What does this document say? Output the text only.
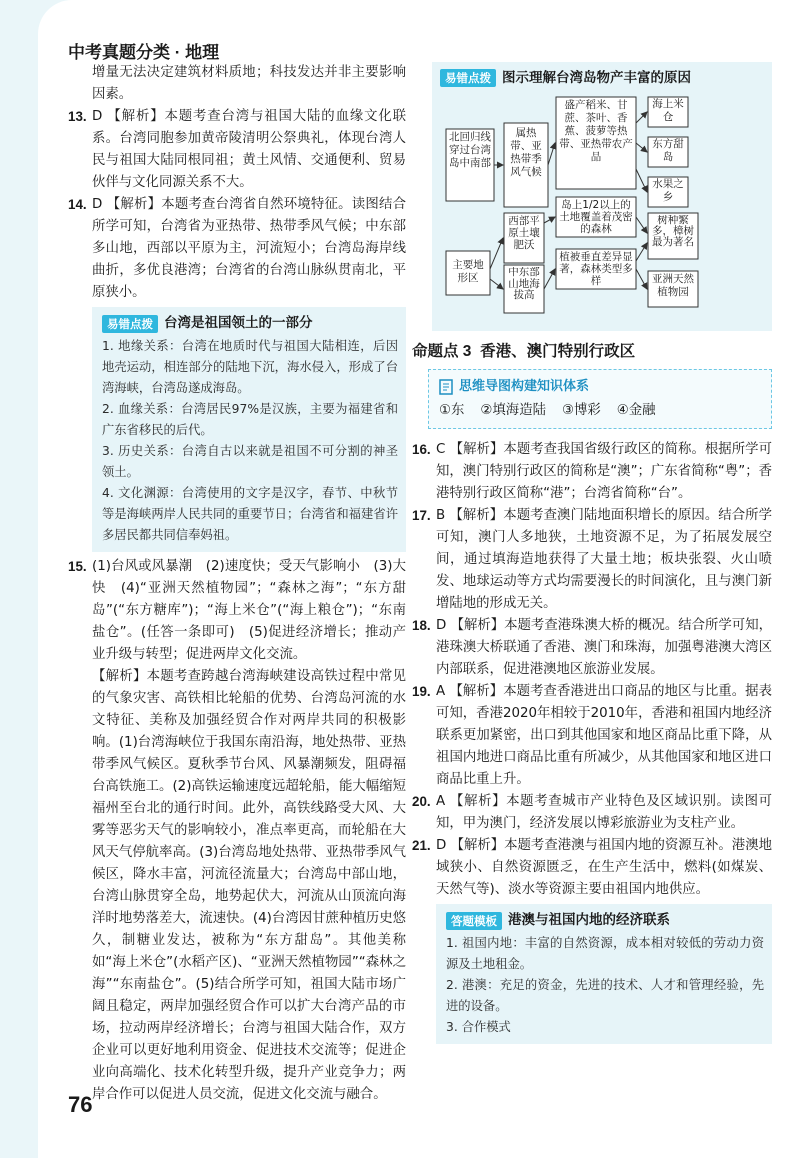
中考真题分类 · 地理

增量无法决定建筑材料质地；科技发达并非主要影响因素。

13. D 【解析】本题考查台湾与祖国大陆的血缘文化联系。台湾同胞参加黄帝陵清明公祭典礼，体现台湾人民与祖国大陆同根同祖；黄土风情、交通便利、贸易伙伴与文化同源关系不大。
14. D 【解析】本题考查台湾省自然环境特征。读图结合所学可知，台湾省为亚热带、热带季风气候；中东部多山地，西部以平原为主，河流短小；台湾岛海岸线曲折，多优良港湾；台湾省的台湾山脉纵贯南北，平原狭小。
易错点拨 台湾是祖国领土的一部分

1. 地缘关系：台湾在地质时代与祖国大陆相连，后因地壳运动，相连部分的陆地下沉，海水侵入，形成了台湾海峡，台湾岛遂成海岛。

2. 血缘关系：台湾居民97%是汉族，主要为福建省和广东省移民的后代。

3. 历史关系：台湾自古以来就是祖国不可分割的神圣领土。

4. 文化渊源：台湾使用的文字是汉字，春节、中秋节等是海峡两岸人民共同的重要节日；台湾省和福建省许多居民都共同信奉妈祖。

15. (1)台风或风暴潮　(2)速度快；受天气影响小　(3)大　快　(4)“亚洲天然植物园”；“森林之海”；“东方甜岛”(“东方糖库”)；“海上米仓”(“海上粮仓”)；“东南盐仓”。(任答一条即可)　(5)促进经济增长；推动产业升级与转型；促进两岸文化交流。

【解析】本题考查跨越台湾海峡建设高铁过程中常见的气象灾害、高铁相比轮船的优势、台湾岛河流的水文特征、美称及加强经贸合作对两岸共同的积极影响。(1)台湾海峡位于我国东南沿海，地处热带、亚热带季风气候区。夏秋季节台风、风暴潮频发，阻碍福台高铁施工。(2)高铁运输速度远超轮船，能大幅缩短福州至台北的通行时间。此外，高铁线路受大风、大雾等恶劣天气的影响较小，准点率更高，而轮船在大风天气停航率高。(3)台湾岛地处热带、亚热带季风气候区，降水丰富，河流径流量大；台湾岛中部山地，台湾山脉贯穿全岛，地势起伏大，河流从山顶流向海洋时地势落差大，流速快。(4)台湾因甘蔗种植历史悠久，制糖业发达，被称为“东方甜岛”。其他美称如“海上米仓”(水稻产区)、“亚洲天然植物园”“森林之海”“东南盐仓”。(5)结合所学可知，祖国大陆市场广阔且稳定，两岸加强经贸合作可以扩大台湾产品的市场，拉动两岸经济增长；台湾与祖国大陆合作，双方企业可以更好地利用资金、促进技术交流等；促进企业向高端化、技术化转型升级，提升产业竞争力；两岸合作可以促进人员交流，促进文化交流与融合。

易错点拨 图示理解台湾岛物产丰富的原因
北回归线穿过台湾岛中南部
属热带、亚热带季风气候
盛产稻米、甘蔗、茶叶、香蕉、菠萝等热带、亚热带农产品
海上米仓
东方甜岛
水果之乡
主要地形区
西部平原土壤肥沃
中东部山地海拔高
岛上1/2以上的土地覆盖着茂密的森林
植被垂直差异显著，森林类型多样
树种繁多，樟树最为著名
亚洲天然植物园
命题点 3 香港、澳门特别行政区
思维导图构建知识体系
①东 ②填海造陆 ③博彩 ④金融
16. C 【解析】本题考查我国省级行政区的简称。根据所学可知，澳门特别行政区的简称是“澳”；广东省简称“粤”；香港特别行政区简称“港”；台湾省简称“台”。
17. B 【解析】本题考查澳门陆地面积增长的原因。结合所学可知，澳门人多地狭，土地资源不足，为了拓展发展空间，通过填海造地获得了大量土地；板块张裂、火山喷发、地球运动等方式均需要漫长的时间演化，且与澳门新增陆地的形成无关。
18. D 【解析】本题考查港珠澳大桥的概况。结合所学可知，港珠澳大桥联通了香港、澳门和珠海，加强粤港澳大湾区内部联系，促进港澳地区旅游业发展。
19. A 【解析】本题考查香港进出口商品的地区与比重。据表可知，香港2020年相较于2010年，香港和祖国内地经济联系更加紧密，出口到其他国家和地区商品比重下降，从祖国内地进口商品比重有所减少，从其他国家和地区进口商品比重上升。
20. A 【解析】本题考查城市产业特色及区域识别。读图可知，甲为澳门，经济发展以博彩旅游业为支柱产业。
21. D 【解析】本题考查港澳与祖国内地的资源互补。港澳地域狭小、自然资源匮乏，在生产生活中，燃料(如煤炭、天然气等)、淡水等资源主要由祖国内地供应。
答题模板 港澳与祖国内地的经济联系

1. 祖国内地：丰富的自然资源，成本相对较低的劳动力资源及土地租金。

2. 港澳：充足的资金，先进的技术、人才和管理经验，先进的设备。

3. 合作模式

76
